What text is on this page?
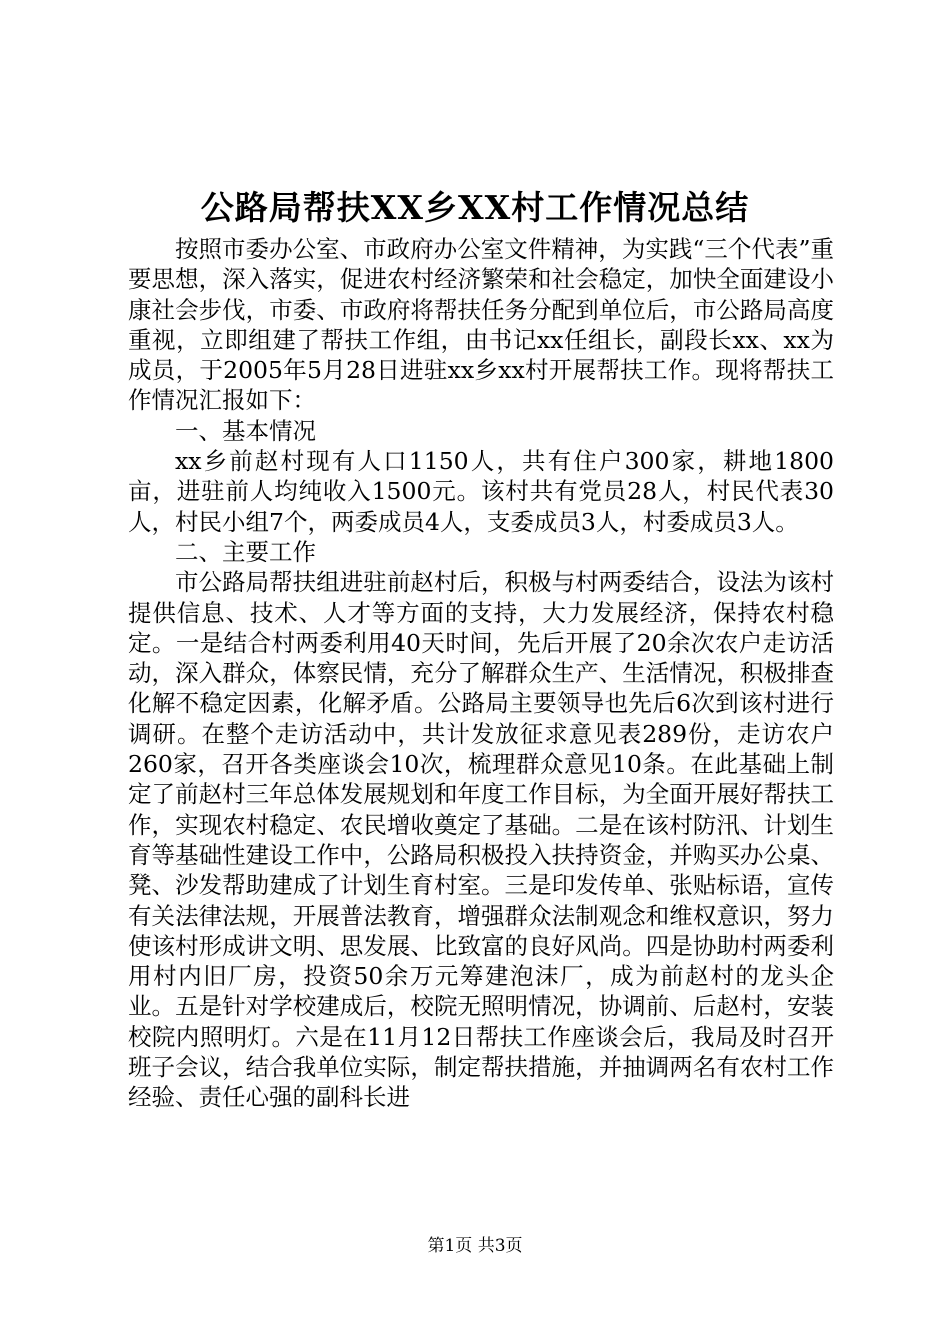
公路局帮扶XX乡XX村工作情况总结

按照市委办公室、市政府办公室文件精神，为实践“三个代表”重要思想，深入落实，促进农村经济繁荣和社会稳定，加快全面建设小康社会步伐，市委、市政府将帮扶任务分配到单位后，市公路局高度重视，立即组建了帮扶工作组，由书记xx任组长，副段长xx、xx为成员，于2005年5月28日进驻xx乡xx村开展帮扶工作。现将帮扶工作情况汇报如下：

一、基本情况

xx乡前赵村现有人口1150人，共有住户300家，耕地1800亩，进驻前人均纯收入1500元。该村共有党员28人，村民代表30人，村民小组7个，两委成员4人，支委成员3人，村委成员3人。

二、主要工作

市公路局帮扶组进驻前赵村后，积极与村两委结合，设法为该村提供信息、技术、人才等方面的支持，大力发展经济，保持农村稳定。一是结合村两委利用40天时间，先后开展了20余次农户走访活动，深入群众，体察民情，充分了解群众生产、生活情况，积极排查化解不稳定因素，化解矛盾。公路局主要领导也先后6次到该村进行调研。在整个走访活动中，共计发放征求意见表289份，走访农户260家，召开各类座谈会10次，梳理群众意见10条。在此基础上制定了前赵村三年总体发展规划和年度工作目标，为全面开展好帮扶工作，实现农村稳定、农民增收奠定了基础。二是在该村防汛、计划生育等基础性建设工作中，公路局积极投入扶持资金，并购买办公桌、凳、沙发帮助建成了计划生育村室。三是印发传单、张贴标语，宣传有关法律法规，开展普法教育，增强群众法制观念和维权意识，努力使该村形成讲文明、思发展、比致富的良好风尚。四是协助村两委利用村内旧厂房，投资50余万元筹建泡沫厂，成为前赵村的龙头企业。五是针对学校建成后，校院无照明情况，协调前、后赵村，安装校院内照明灯。六是在11月12日帮扶工作座谈会后，我局及时召开班子会议，结合我单位实际，制定帮扶措施，并抽调两名有农村工作经验、责任心强的副科长进

第1页 共3页
